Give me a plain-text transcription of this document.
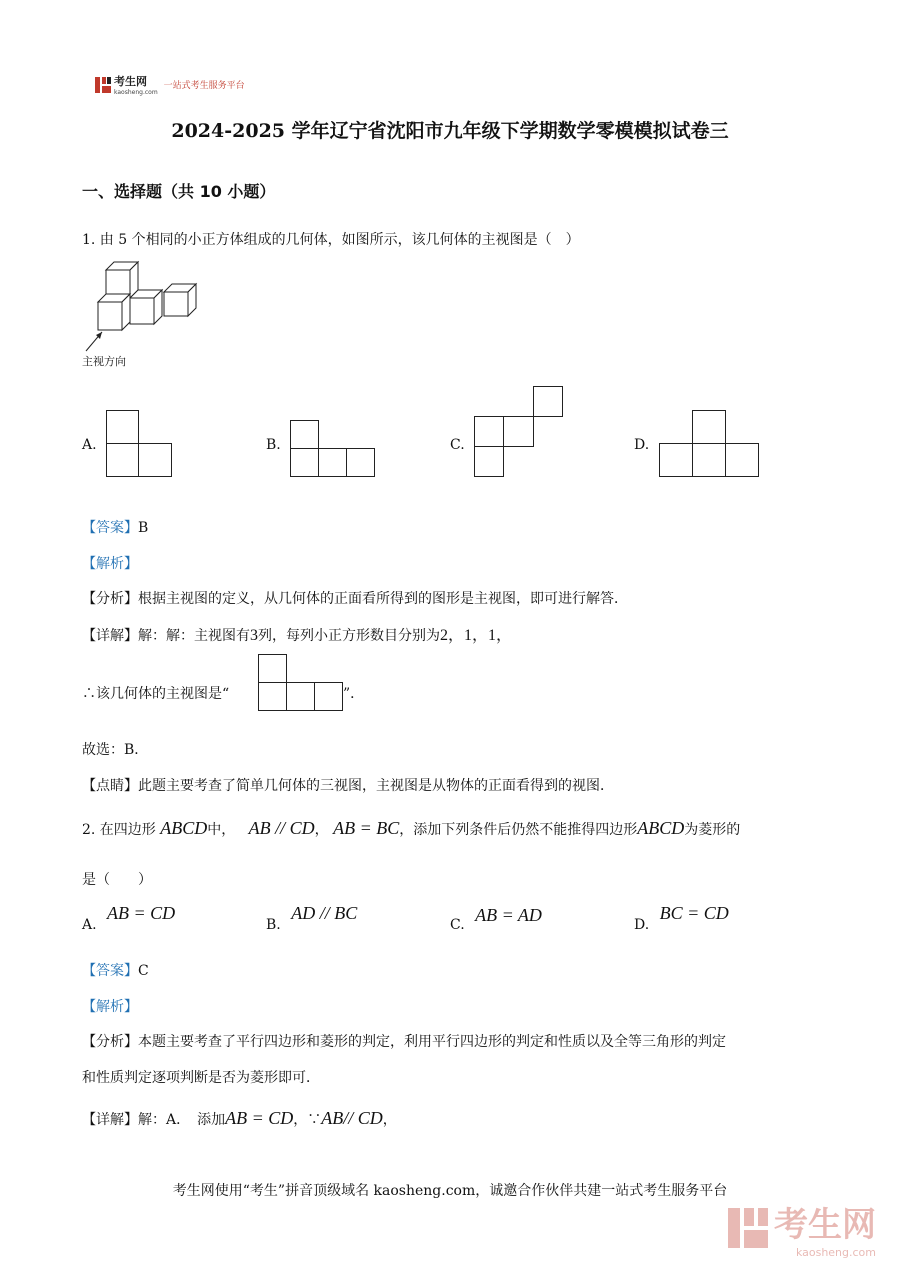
考生网
kaosheng.com
一站式考生服务平台
2024-2025 学年辽宁省沈阳市九年级下学期数学零模模拟试卷三
一、选择题（共 10 小题）
1. 由 5 个相同的小正方体组成的几何体，如图所示，该几何体的主视图是（　）
主视方向
A.	B.	C.	D.
【答案】B
【解析】
【分析】根据主视图的定义，从几何体的正面看所得到的图形是主视图，即可进行解答．
【详解】解：解：主视图有3列，每列小正方形数目分别为2，1，1，
∴该几何体的主视图是“	”．
故选：B．
【点睛】此题主要考查了简单几何体的三视图，主视图是从物体的正面看得到的视图．
2. 在四边形 ABCD中， AB // CD， AB = BC，添加下列条件后仍然不能推得四边形ABCD为菱形的
是（　　）
A. AB = CD
B. AD // BC
C. AB = AD	D. BC = CD
【答案】C
【解析】
【分析】本题主要考查了平行四边形和菱形的判定，利用平行四边形的判定和性质以及全等三角形的判定
和性质判定逐项判断是否为菱形即可．
【详解】解：A．　添加AB = CD，∵AB// CD，
考生网使用“考生”拼音顶级域名 kaosheng.com，诚邀合作伙伴共建一站式考生服务平台
考生网
kaosheng.com
